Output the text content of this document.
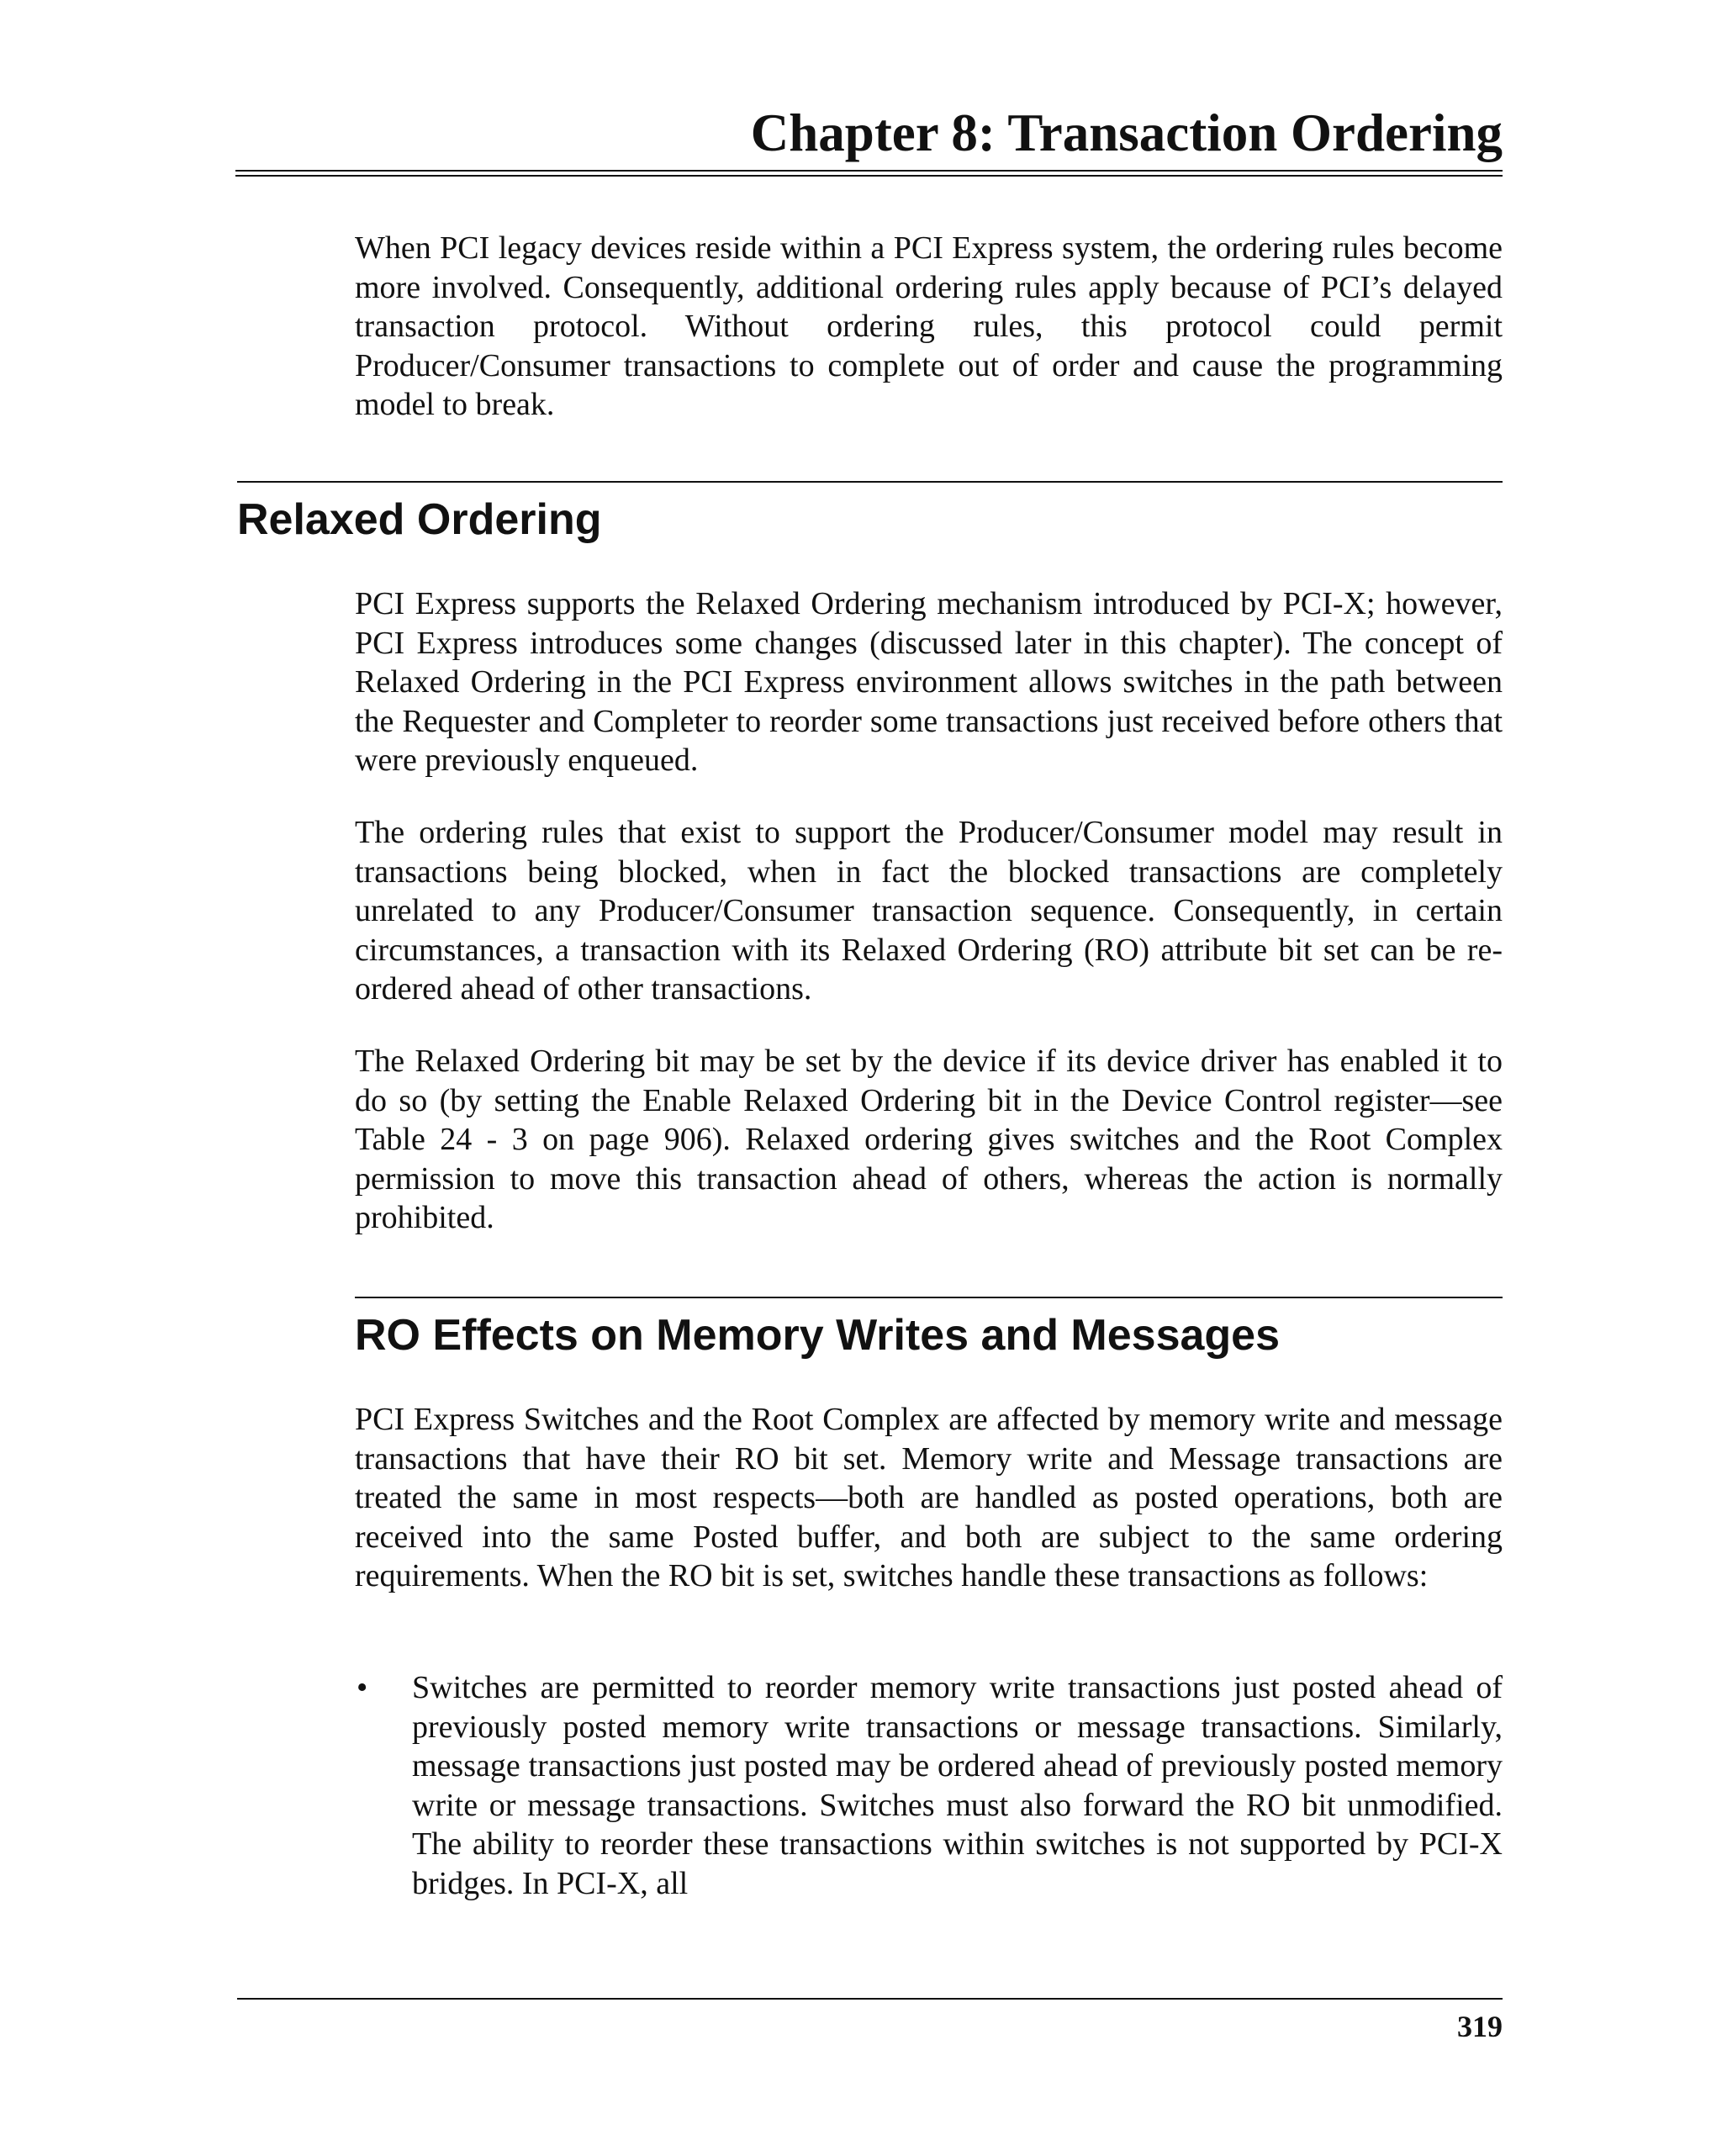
Chapter 8: Transaction Ordering

When PCI legacy devices reside within a PCI Express system, the ordering rules become more involved. Consequently, additional ordering rules apply because of PCI’s delayed transaction protocol. Without ordering rules, this protocol could permit Producer/Consumer transactions to complete out of order and cause the programming model to break.

Relaxed Ordering

PCI Express supports the Relaxed Ordering mechanism introduced by PCI-X; however, PCI Express introduces some changes (discussed later in this chapter). The concept of Relaxed Ordering in the PCI Express environment allows switches in the path between the Requester and Completer to reorder some transactions just received before others that were previously enqueued.

The ordering rules that exist to support the Producer/Consumer model may result in transactions being blocked, when in fact the blocked transactions are completely unrelated to any Producer/Consumer transaction sequence. Consequently, in certain circumstances, a transaction with its Relaxed Ordering (RO) attribute bit set can be re-ordered ahead of other transactions.

The Relaxed Ordering bit may be set by the device if its device driver has enabled it to do so (by setting the Enable Relaxed Ordering bit in the Device Control register—see Table 24 - 3 on page 906). Relaxed ordering gives switches and the Root Complex permission to move this transaction ahead of others, whereas the action is normally prohibited.

RO Effects on Memory Writes and Messages

PCI Express Switches and the Root Complex are affected by memory write and message transactions that have their RO bit set. Memory write and Message transactions are treated the same in most respects—both are handled as posted operations, both are received into the same Posted buffer, and both are subject to the same ordering requirements. When the RO bit is set, switches handle these transactions as follows:

• Switches are permitted to reorder memory write transactions just posted ahead of previously posted memory write transactions or message transactions. Similarly, message transactions just posted may be ordered ahead of previously posted memory write or message transactions. Switches must also forward the RO bit unmodified. The ability to reorder these transactions within switches is not supported by PCI-X bridges. In PCI-X, all

319
